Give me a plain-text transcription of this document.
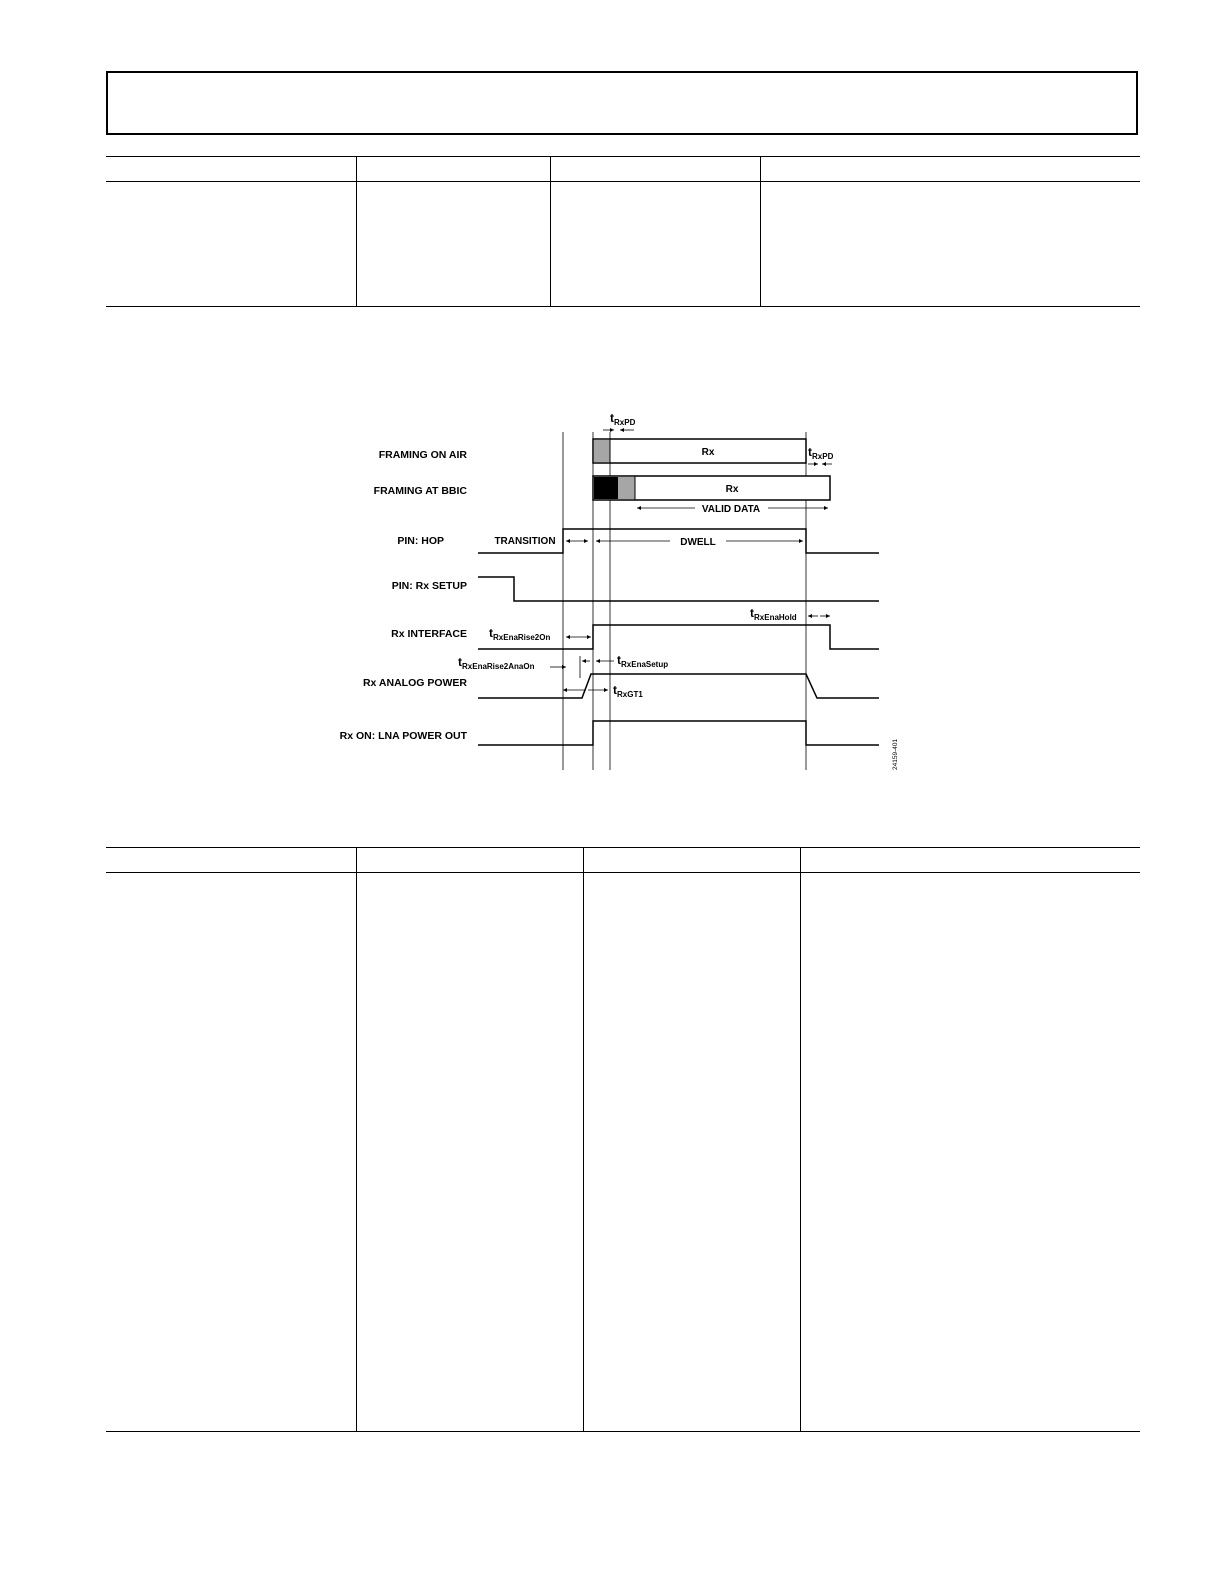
FRAMING ON AIR
FRAMING AT BBIC
PIN: HOP
PIN: Rx SETUP
Rx INTERFACE
Rx ANALOG POWER
Rx ON: LNA POWER OUT
Rx
$t_{RxPD}$
$t_{RxPD}$
Rx
VALID DATA
TRANSITION	DWELL
$t_{RxEnaHold}$
$t_{RxEnaRise2On}$
$t_{RxEnaRise2AnaOn}$	$t_{RxEnaSetup}$
$t_{RxGT1}$
24159-401
